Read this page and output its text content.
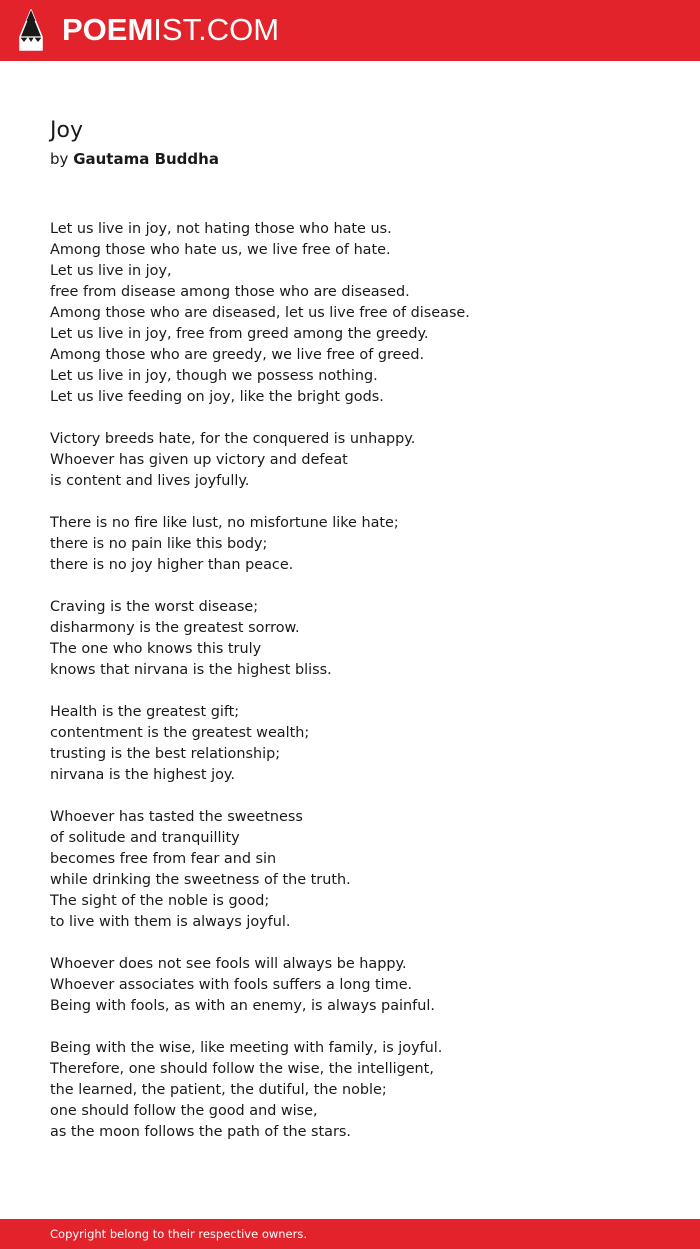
POEMIST.COM
Joy
by Gautama Buddha
Let us live in joy, not hating those who hate us.
Among those who hate us, we live free of hate.
Let us live in joy,
free from disease among those who are diseased.
Among those who are diseased, let us live free of disease.
Let us live in joy, free from greed among the greedy.
Among those who are greedy, we live free of greed.
Let us live in joy, though we possess nothing.
Let us live feeding on joy, like the bright gods.
Victory breeds hate, for the conquered is unhappy.
Whoever has given up victory and defeat
is content and lives joyfully.
There is no fire like lust, no misfortune like hate;
there is no pain like this body;
there is no joy higher than peace.
Craving is the worst disease;
disharmony is the greatest sorrow.
The one who knows this truly
knows that nirvana is the highest bliss.
Health is the greatest gift;
contentment is the greatest wealth;
trusting is the best relationship;
nirvana is the highest joy.
Whoever has tasted the sweetness
of solitude and tranquillity
becomes free from fear and sin
while drinking the sweetness of the truth.
The sight of the noble is good;
to live with them is always joyful.
Whoever does not see fools will always be happy.
Whoever associates with fools suffers a long time.
Being with fools, as with an enemy, is always painful.
Being with the wise, like meeting with family, is joyful.
Therefore, one should follow the wise, the intelligent,
the learned, the patient, the dutiful, the noble;
one should follow the good and wise,
as the moon follows the path of the stars.
Copyright belong to their respective owners.
